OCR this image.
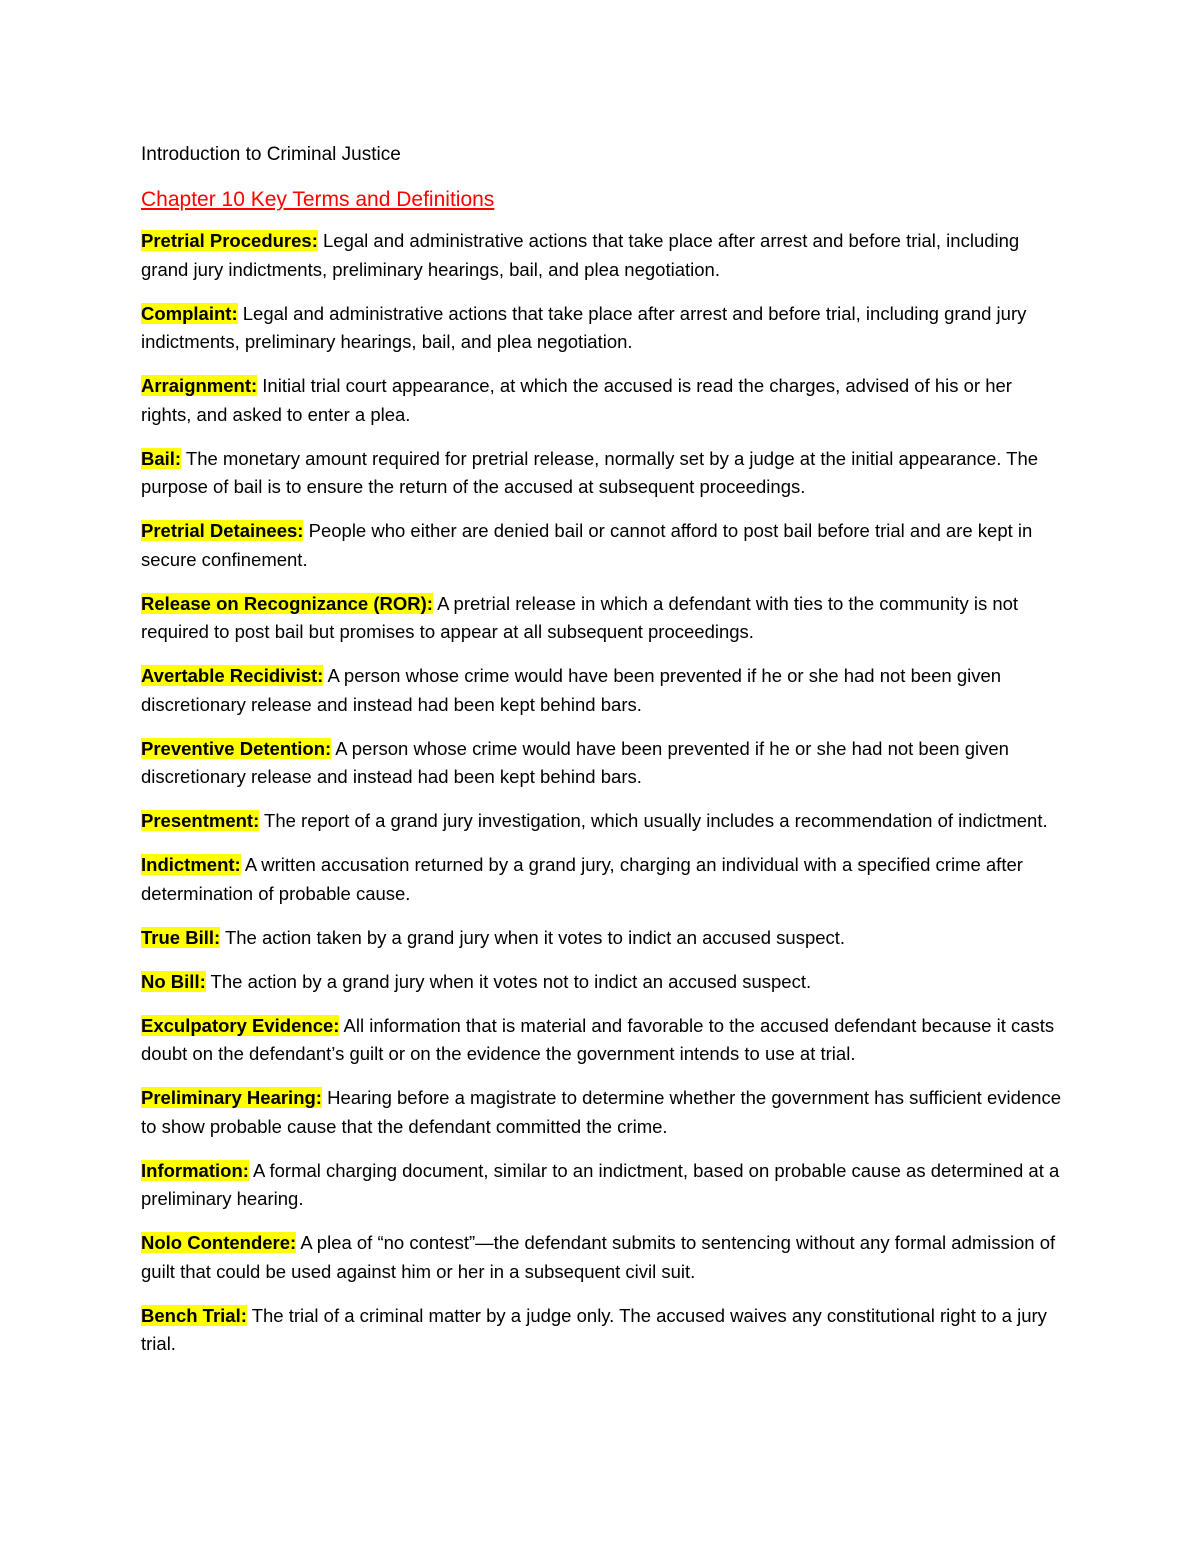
Introduction to Criminal Justice
Chapter 10 Key Terms and Definitions
Pretrial Procedures: Legal and administrative actions that take place after arrest and before trial, including grand jury indictments, preliminary hearings, bail, and plea negotiation.
Complaint: Legal and administrative actions that take place after arrest and before trial, including grand jury indictments, preliminary hearings, bail, and plea negotiation.
Arraignment: Initial trial court appearance, at which the accused is read the charges, advised of his or her rights, and asked to enter a plea.
Bail: The monetary amount required for pretrial release, normally set by a judge at the initial appearance. The purpose of bail is to ensure the return of the accused at subsequent proceedings.
Pretrial Detainees: People who either are denied bail or cannot afford to post bail before trial and are kept in secure confinement.
Release on Recognizance (ROR): A pretrial release in which a defendant with ties to the community is not required to post bail but promises to appear at all subsequent proceedings.
Avertable Recidivist: A person whose crime would have been prevented if he or she had not been given discretionary release and instead had been kept behind bars.
Preventive Detention: A person whose crime would have been prevented if he or she had not been given discretionary release and instead had been kept behind bars.
Presentment: The report of a grand jury investigation, which usually includes a recommendation of indictment.
Indictment: A written accusation returned by a grand jury, charging an individual with a specified crime after determination of probable cause.
True Bill: The action taken by a grand jury when it votes to indict an accused suspect.
No Bill: The action by a grand jury when it votes not to indict an accused suspect.
Exculpatory Evidence: All information that is material and favorable to the accused defendant because it casts doubt on the defendant’s guilt or on the evidence the government intends to use at trial.
Preliminary Hearing: Hearing before a magistrate to determine whether the government has sufficient evidence to show probable cause that the defendant committed the crime.
Information: A formal charging document, similar to an indictment, based on probable cause as determined at a preliminary hearing.
Nolo Contendere: A plea of “no contest”—the defendant submits to sentencing without any formal admission of guilt that could be used against him or her in a subsequent civil suit.
Bench Trial: The trial of a criminal matter by a judge only. The accused waives any constitutional right to a jury trial.
